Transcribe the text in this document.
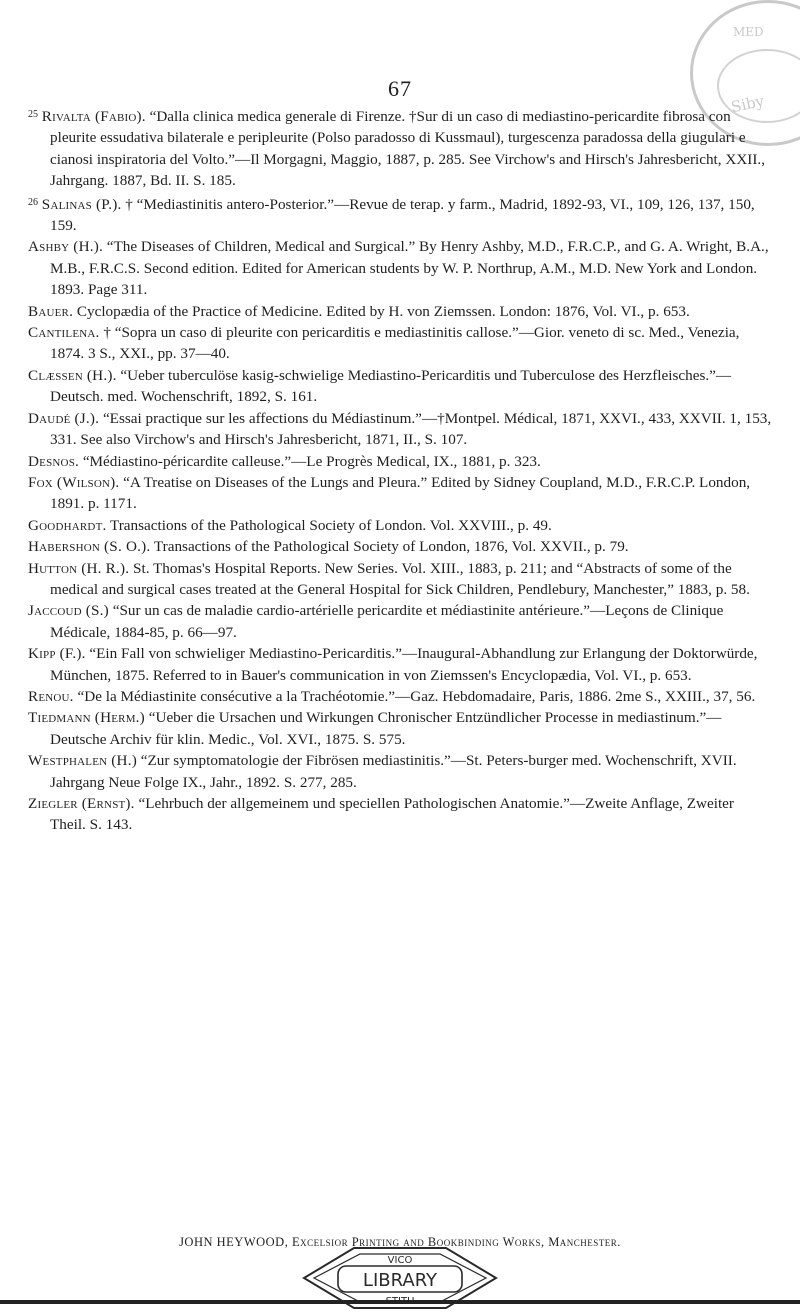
67
MED
Siby

$^{25}$ Rivalta (Fabio). “Dalla clinica medica generale di Firenze. †Sur di un caso di mediastino-pericardite fibrosa con pleurite essudativa bilaterale e peripleurite (Polso paradosso di Kussmaul), turgescenza paradossa della giugulari e cianosi inspiratoria del Volto.”—Il Morgagni, Maggio, 1887, p. 285. See Virchow's and Hirsch's Jahresbericht, XXII., Jahrgang. 1887, Bd. II. S. 185.

$^{26}$ Salinas (P.). † “Mediastinitis antero-Posterior.”—Revue de terap. y farm., Madrid, 1892-93, VI., 109, 126, 137, 150, 159.

Ashby (H.). “The Diseases of Children, Medical and Surgical.” By Henry Ashby, M.D., F.R.C.P., and G. A. Wright, B.A., M.B., F.R.C.S. Second edition. Edited for American students by W. P. Northrup, A.M., M.D. New York and London. 1893. Page 311.

Bauer. Cyclopædia of the Practice of Medicine. Edited by H. von Ziemssen. London: 1876, Vol. VI., p. 653.

Cantilena. † “Sopra un caso di pleurite con pericarditis e mediastinitis callose.”—Gior. veneto di sc. Med., Venezia, 1874. 3 S., XXI., pp. 37—40.

Clæssen (H.). “Ueber tuberculöse kasig-schwielige Mediastino-Pericarditis und Tuberculose des Herzfleisches.”—Deutsch. med. Wochenschrift, 1892, S. 161.

Daudé (J.). “Essai practique sur les affections du Médiastinum.”—†Montpel. Médical, 1871, XXVI., 433, XXVII. 1, 153, 331. See also Virchow's and Hirsch's Jahresbericht, 1871, II., S. 107.

Desnos. “Médiastino-péricardite calleuse.”—Le Progrès Medical, IX., 1881, p. 323.

Fox (Wilson). “A Treatise on Diseases of the Lungs and Pleura.” Edited by Sidney Coupland, M.D., F.R.C.P. London, 1891. p. 1171.

Goodhardt. Transactions of the Pathological Society of London. Vol. XXVIII., p. 49.

Habershon (S. O.). Transactions of the Pathological Society of London, 1876, Vol. XXVII., p. 79.

Hutton (H. R.). St. Thomas's Hospital Reports. New Series. Vol. XIII., 1883, p. 211; and “Abstracts of some of the medical and surgical cases treated at the General Hospital for Sick Children, Pendlebury, Manchester,” 1883, p. 58.

Jaccoud (S.) “Sur un cas de maladie cardio-artérielle pericardite et médiastinite antérieure.”—Leçons de Clinique Médicale, 1884-85, p. 66—97.

Kipp (F.). “Ein Fall von schwieliger Mediastino-Pericarditis.”—Inaugural-Abhandlung zur Erlangung der Doktorwürde, München, 1875. Referred to in Bauer's communication in von Ziemssen's Encyclopædia, Vol. VI., p. 653.

Renou. “De la Médiastinite consécutive a la Trachéotomie.”—Gaz. Hebdomadaire, Paris, 1886. 2me S., XXIII., 37, 56.

Tiedmann (Herm.) “Ueber die Ursachen und Wirkungen Chronischer Entzündlicher Processe in mediastinum.”—Deutsche Archiv für klin. Medic., Vol. XVI., 1875. S. 575.

Westphalen (H.) “Zur symptomatologie der Fibrösen mediastinitis.”—St. Peters-burger med. Wochenschrift, XVII. Jahrgang Neue Folge IX., Jahr., 1892. S. 277, 285.

Ziegler (Ernst). “Lehrbuch der allgemeinem und speciellen Pathologischen Anatomie.”—Zweite Anflage, Zweiter Theil. S. 143.

JOHN HEYWOOD, Excelsior Printing and Bookbinding Works, Manchester.
VICO
LIBRARY
